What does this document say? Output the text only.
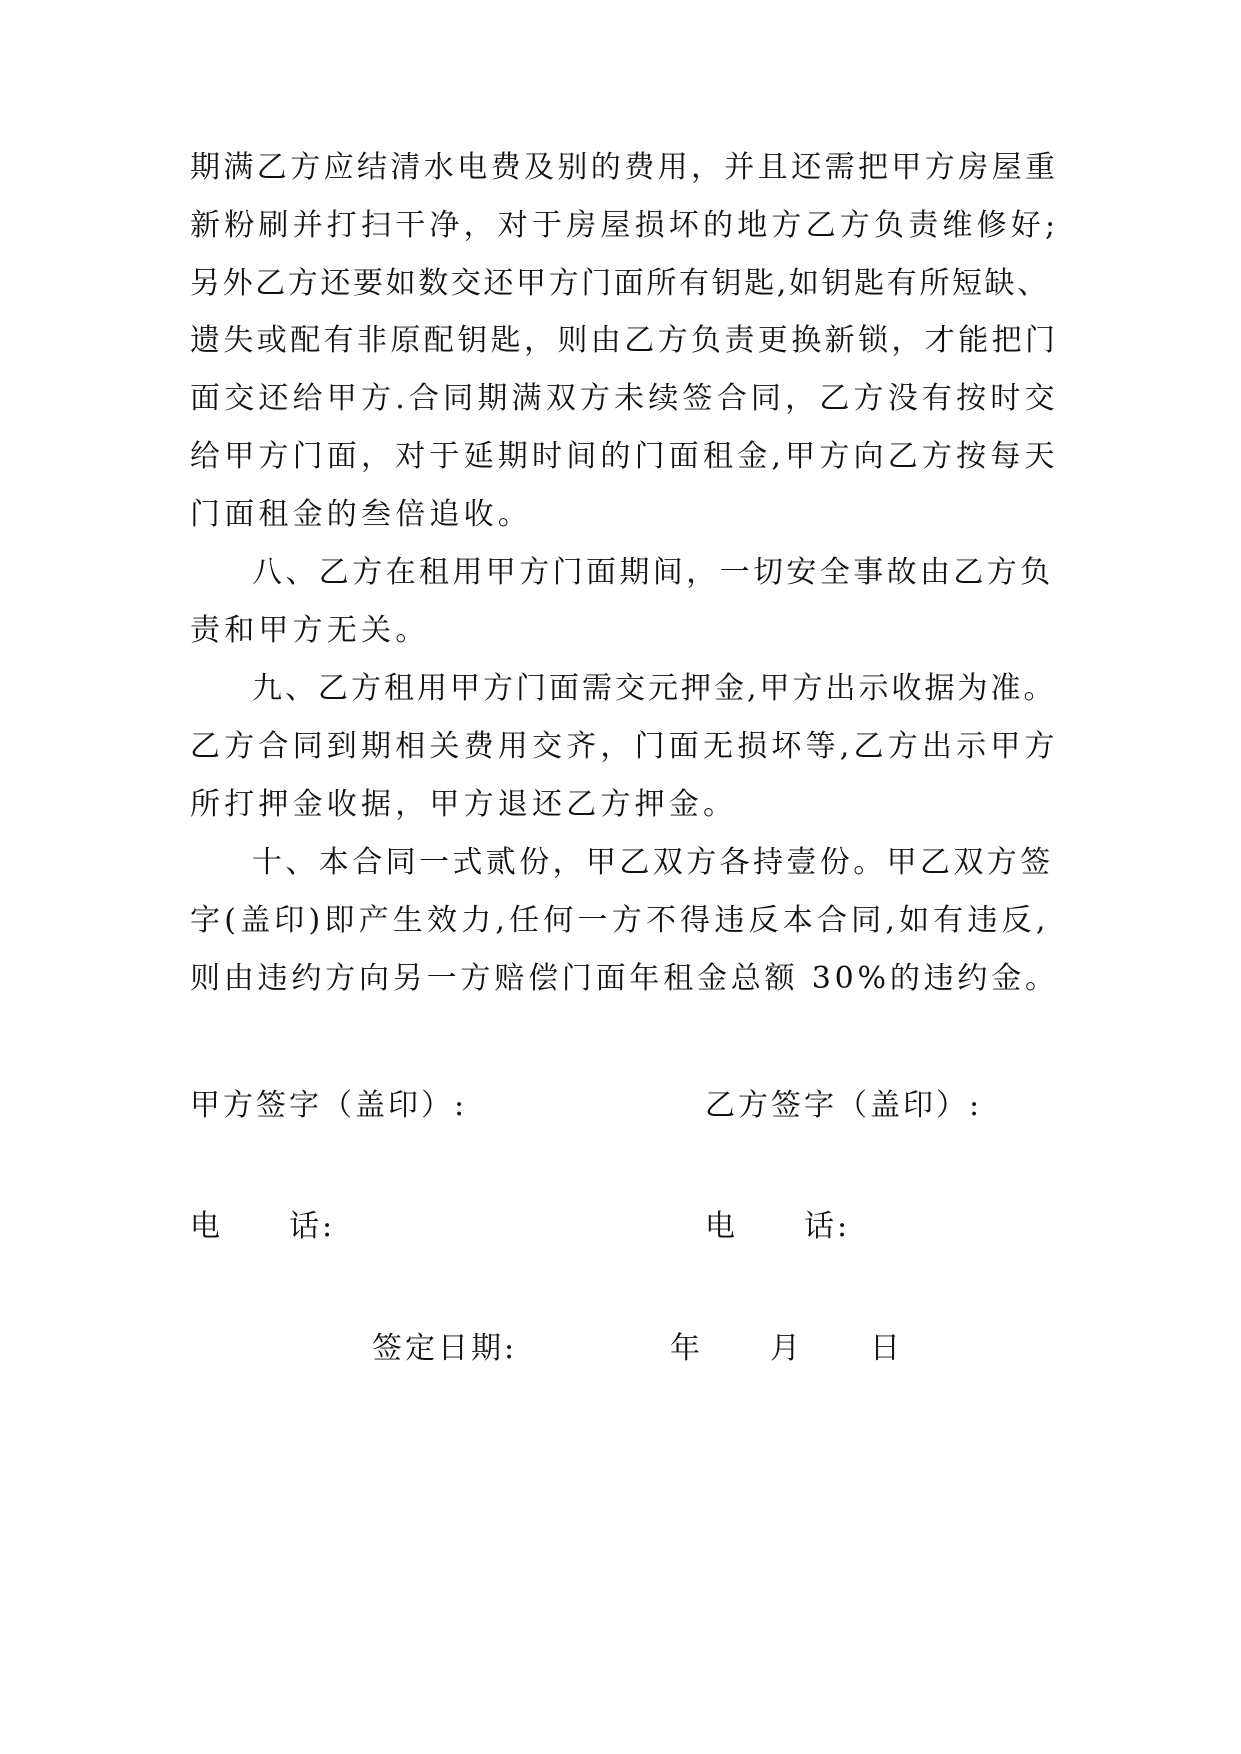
期满乙方应结清水电费及别的费用，并且还需把甲方房屋重
新粉刷并打扫干净，对于房屋损坏的地方乙方负责维修好;
另外乙方还要如数交还甲方门面所有钥匙,如钥匙有所短缺、
遗失或配有非原配钥匙，则由乙方负责更换新锁，才能把门
面交还给甲方.合同期满双方未续签合同，乙方没有按时交
给甲方门面，对于延期时间的门面租金,甲方向乙方按每天
门面租金的叁倍追收。
八、乙方在租用甲方门面期间，一切安全事故由乙方负
责和甲方无关。
九、乙方租用甲方门面需交元押金,甲方出示收据为准。
乙方合同到期相关费用交齐，门面无损坏等,乙方出示甲方
所打押金收据，甲方退还乙方押金。
十、本合同一式贰份，甲乙双方各持壹份。甲乙双方签
字(盖印)即产生效力,任何一方不得违反本合同,如有违反,
则由违约方向另一方赔偿门面年租金总额 30%的违约金。
甲方签字（盖印）:	乙方签字（盖印）:
电　　话:	电　　话:
签定日期:	年 月 日
